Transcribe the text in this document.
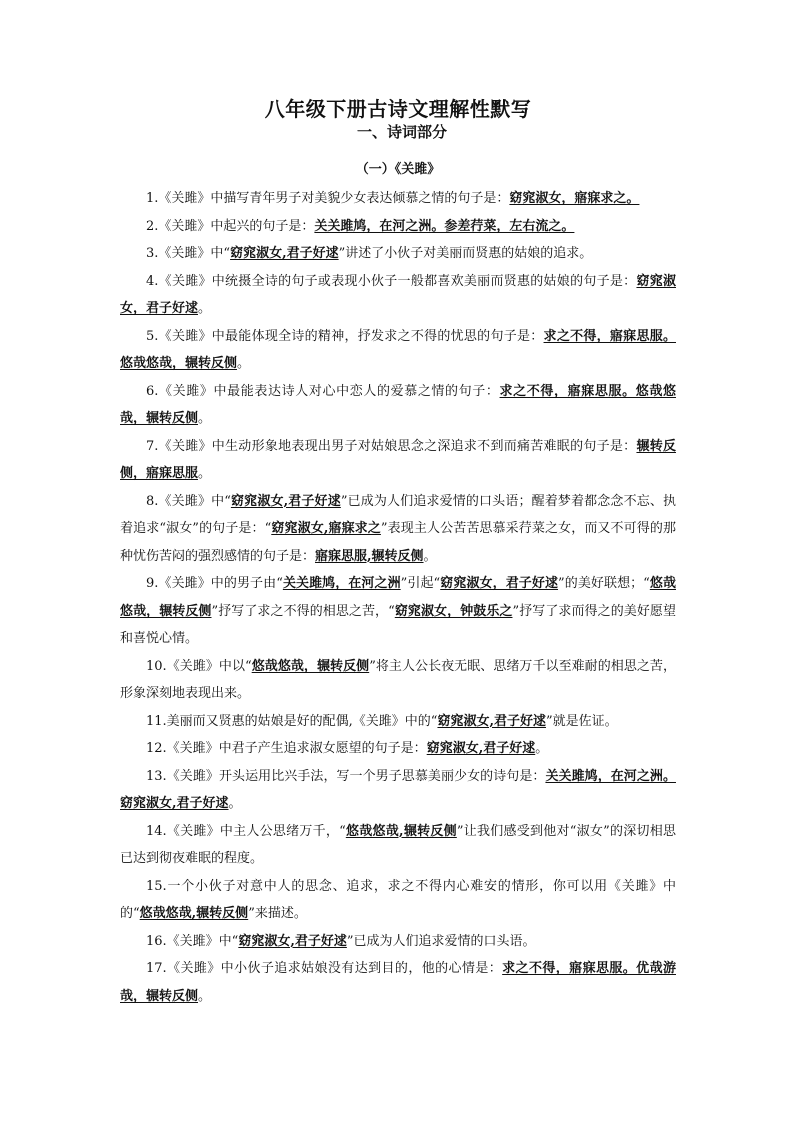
八年级下册古诗文理解性默写
一、诗词部分
（一）《关雎》

1.《关雎》中描写青年男子对美貌少女表达倾慕之情的句子是：窈窕淑女，寤寐求之。

2.《关雎》中起兴的句子是：关关雎鸠，在河之洲。参差荇菜，左右流之。

3.《关雎》中“窈窕淑女,君子好逑”讲述了小伙子对美丽而贤惠的姑娘的追求。

4.《关雎》中统摄全诗的句子或表现小伙子一般都喜欢美丽而贤惠的姑娘的句子是：窈窕淑女，君子好逑。

5.《关雎》中最能体现全诗的精神，抒发求之不得的忧思的句子是：求之不得，寤寐思服。悠哉悠哉，辗转反侧。

6.《关雎》中最能表达诗人对心中恋人的爱慕之情的句子：求之不得，寤寐思服。悠哉悠哉，辗转反侧。

7.《关雎》中生动形象地表现出男子对姑娘思念之深追求不到而痛苦难眠的句子是：辗转反侧，寤寐思服。

8.《关雎》中“窈窕淑女,君子好逑”已成为人们追求爱情的口头语；醒着梦着都念念不忘、执着追求“淑女”的句子是：“窈窕淑女,寤寐求之”表现主人公苦苦思慕采荇菜之女，而又不可得的那种忧伤苦闷的强烈感情的句子是：寤寐思服,辗转反侧。

9.《关雎》中的男子由“关关雎鸠，在河之洲”引起“窈窕淑女，君子好逑”的美好联想；“悠哉悠哉，辗转反侧”抒写了求之不得的相思之苦，“窈窕淑女，钟鼓乐之”抒写了求而得之的美好愿望和喜悦心情。

10.《关雎》中以“悠哉悠哉，辗转反侧”将主人公长夜无眠、思绪万千以至难耐的相思之苦，形象深刻地表现出来。

11.美丽而又贤惠的姑娘是好的配偶,《关雎》中的“窈窕淑女,君子好逑”就是佐证。

12.《关雎》中君子产生追求淑女愿望的句子是：窈窕淑女,君子好逑。

13.《关雎》开头运用比兴手法，写一个男子思慕美丽少女的诗句是：关关雎鸠，在河之洲。窈窕淑女,君子好逑。

14.《关雎》中主人公思绪万千，“悠哉悠哉,辗转反侧”让我们感受到他对“淑女”的深切相思已达到彻夜难眠的程度。

15.一个小伙子对意中人的思念、追求，求之不得内心难安的情形，你可以用《关雎》中的“悠哉悠哉,辗转反侧”来描述。

16.《关雎》中“窈窕淑女,君子好逑”已成为人们追求爱情的口头语。

17.《关雎》中小伙子追求姑娘没有达到目的，他的心情是：求之不得，寤寐思服。优哉游哉，辗转反侧。
